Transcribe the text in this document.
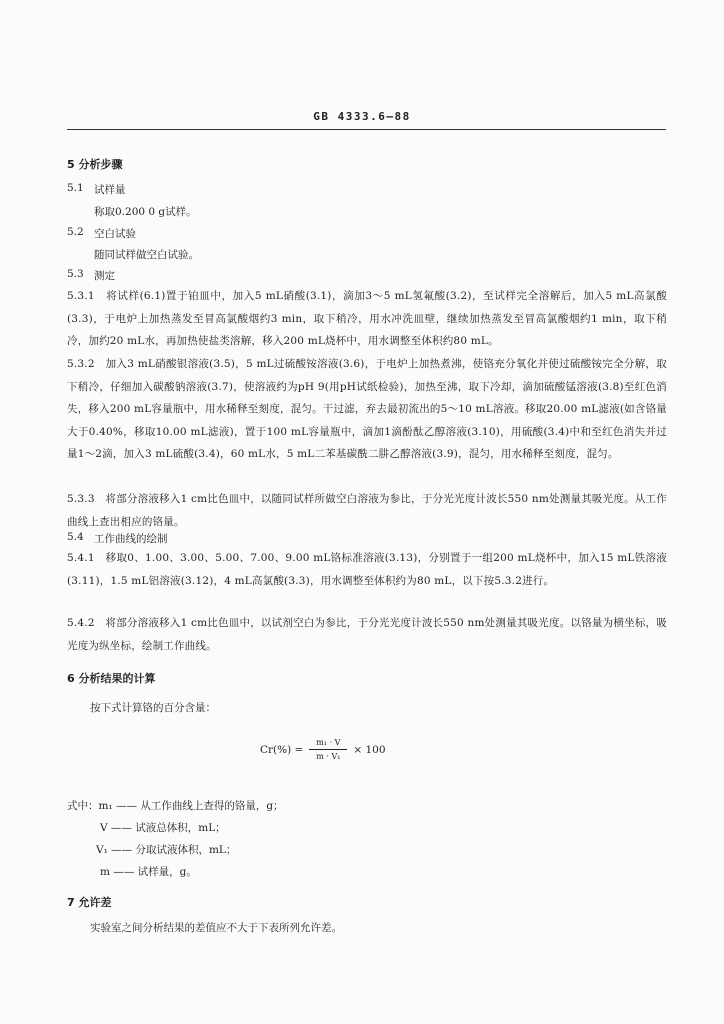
GB 4333.6—88
5 分析步骤
5.1 试样量
称取0.200 0 g试样。
5.2 空白试验
随同试样做空白试验。
5.3 测定
5.3.1　将试样(6.1)置于铂皿中，加入5 mL硝酸(3.1)，滴加3～5 mL氢氟酸(3.2)，至试样完全溶解后，加入5 mL高氯酸(3.3)，于电炉上加热蒸发至冒高氯酸烟约3 min，取下稍冷，用水冲洗皿壁，继续加热蒸发至冒高氯酸烟约1 min，取下稍冷，加约20 mL水，再加热使盐类溶解，移入200 mL烧杯中，用水调整至体积约80 mL。
5.3.2　加入3 mL硝酸银溶液(3.5)，5 mL过硫酸铵溶液(3.6)，于电炉上加热煮沸，使铬充分氧化并使过硫酸铵完全分解，取下稍冷，仔细加入碳酸钠溶液(3.7)，使溶液约为pH 9(用pH试纸检验)，加热至沸，取下冷却，滴加硫酸锰溶液(3.8)至红色消失，移入200 mL容量瓶中，用水稀释至刻度，混匀。干过滤，弃去最初流出的5～10 mL溶液。移取20.00 mL滤液(如含铬量大于0.40%，移取10.00 mL滤液)，置于100 mL容量瓶中，滴加1滴酚酞乙醇溶液(3.10)，用硫酸(3.4)中和至红色消失并过量1～2滴，加入3 mL硫酸(3.4)，60 mL水，5 mL二苯基碳酰二肼乙醇溶液(3.9)，混匀，用水稀释至刻度，混匀。
5.3.3　将部分溶液移入1 cm比色皿中，以随同试样所做空白溶液为参比，于分光光度计波长550 nm处测量其吸光度。从工作曲线上查出相应的铬量。
5.4 工作曲线的绘制
5.4.1　移取0、1.00、3.00、5.00、7.00、9.00 mL铬标准溶液(3.13)，分别置于一组200 mL烧杯中，加入15 mL铁溶液(3.11)，1.5 mL铝溶液(3.12)，4 mL高氯酸(3.3)，用水调整至体积约为80 mL，以下按5.3.2进行。
5.4.2　将部分溶液移入1 cm比色皿中，以试剂空白为参比，于分光光度计波长550 nm处测量其吸光度。以铬量为横坐标，吸光度为纵坐标，绘制工作曲线。
6 分析结果的计算
按下式计算铬的百分含量：
$Cr(\%) = \frac{\text{m₁ · V}}{\text{m · V₁}} \times 100$
式中：m₁ —— 从工作曲线上查得的铬量，g；
V —— 试液总体积，mL；
V₁ —— 分取试液体积，mL；
m —— 试样量，g。
7 允许差
实验室之间分析结果的差值应不大于下表所列允许差。
